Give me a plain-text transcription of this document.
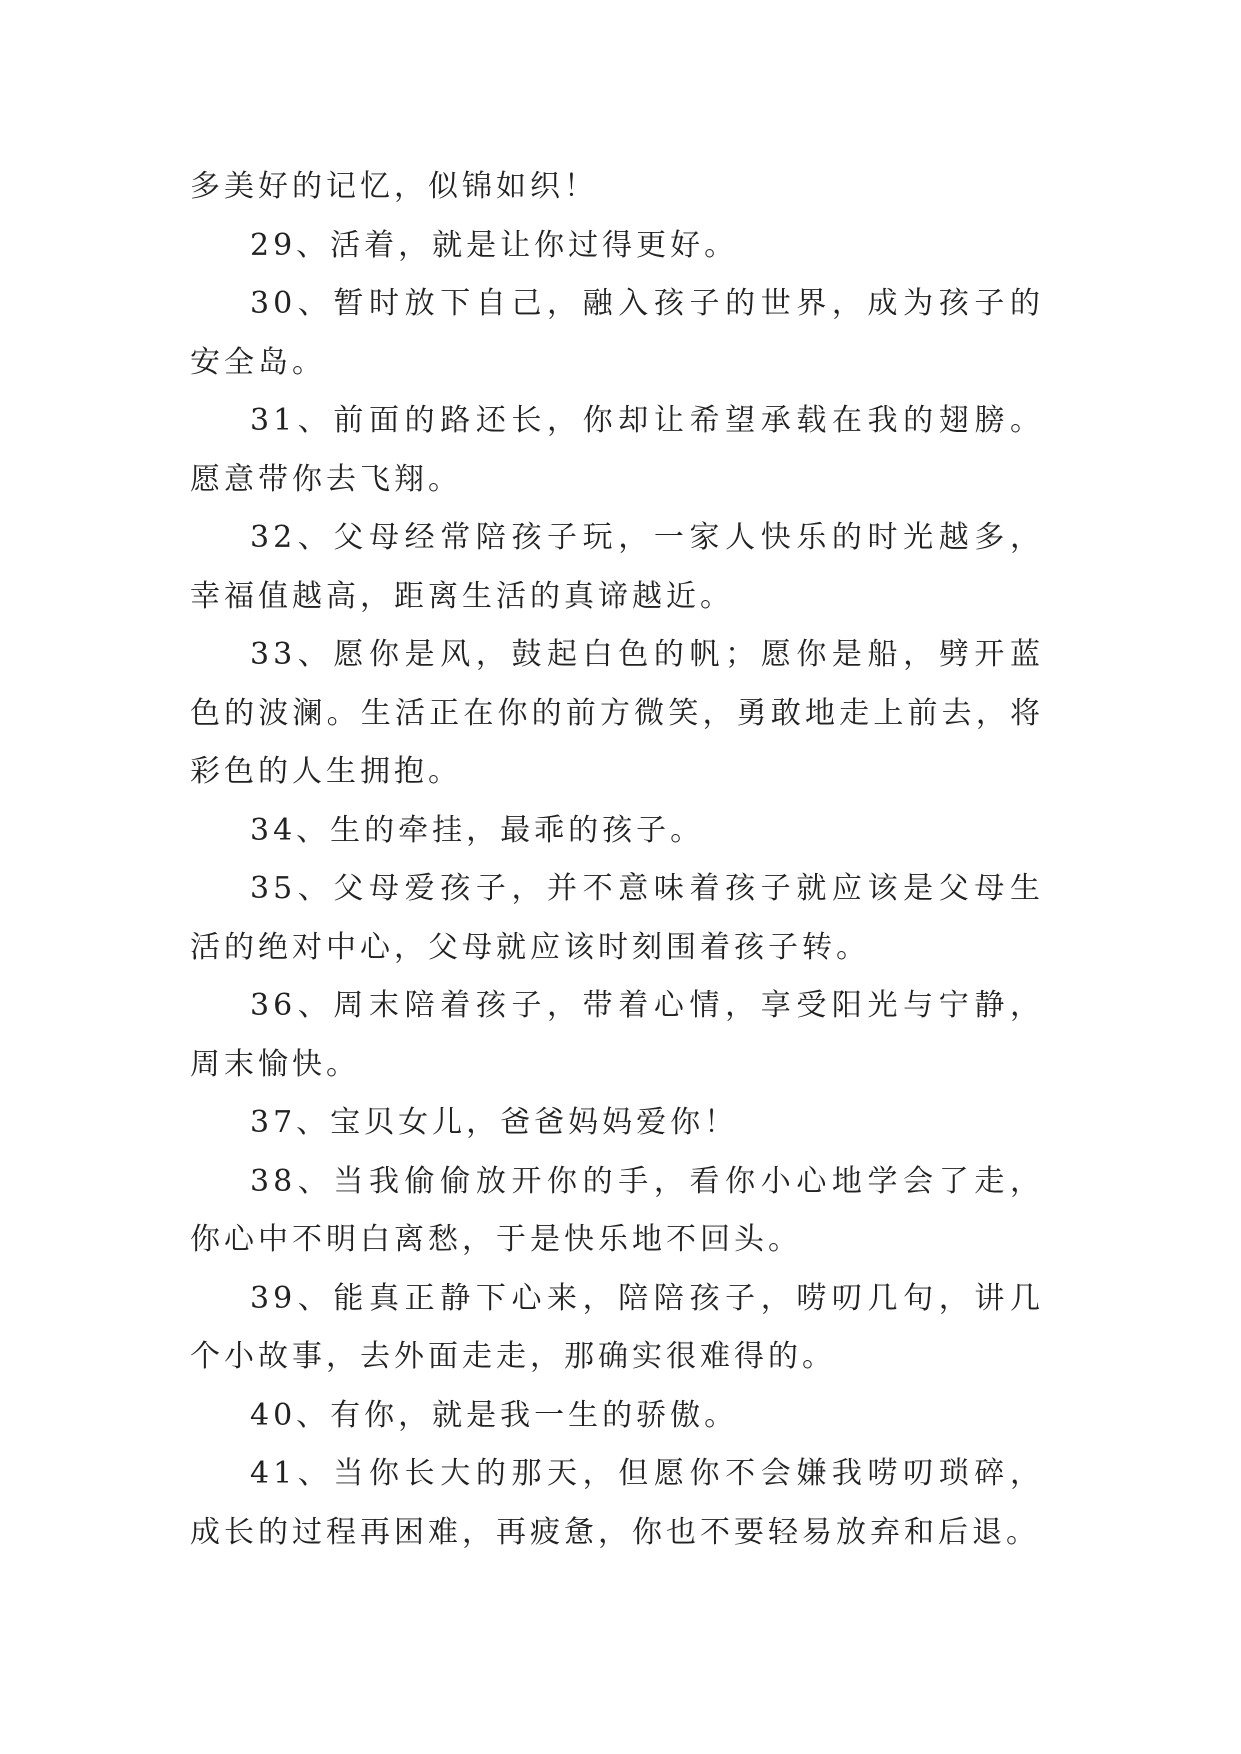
多美好的记忆，似锦如织！

29、活着，就是让你过得更好。

30、暂时放下自己，融入孩子的世界，成为孩子的安全岛。

31、前面的路还长，你却让希望承载在我的翅膀。愿意带你去飞翔。

32、父母经常陪孩子玩，一家人快乐的时光越多，幸福值越高，距离生活的真谛越近。

33、愿你是风，鼓起白色的帆；愿你是船，劈开蓝色的波澜。生活正在你的前方微笑，勇敢地走上前去，将彩色的人生拥抱。

34、生的牵挂，最乖的孩子。

35、父母爱孩子，并不意味着孩子就应该是父母生活的绝对中心，父母就应该时刻围着孩子转。

36、周末陪着孩子，带着心情，享受阳光与宁静，周末愉快。

37、宝贝女儿，爸爸妈妈爱你！

38、当我偷偷放开你的手，看你小心地学会了走，你心中不明白离愁，于是快乐地不回头。

39、能真正静下心来，陪陪孩子，唠叨几句，讲几个小故事，去外面走走，那确实很难得的。

40、有你，就是我一生的骄傲。

41、当你长大的那天，但愿你不会嫌我唠叨琐碎，成长的过程再困难，再疲惫，你也不要轻易放弃和后退。
